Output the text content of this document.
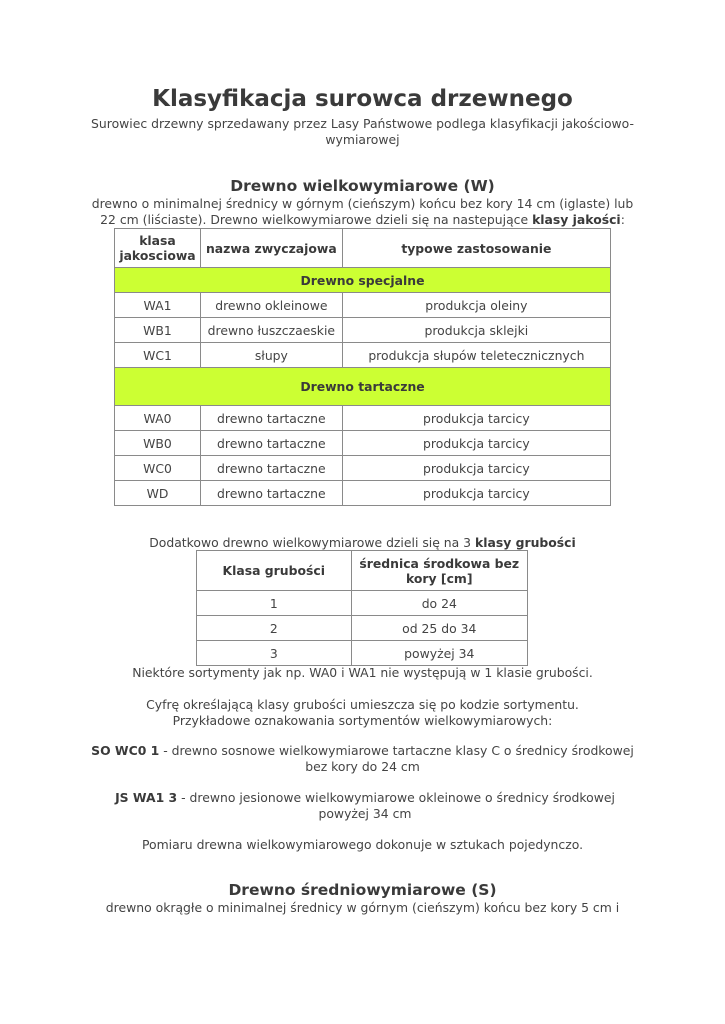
Klasyfikacja surowca drzewnego
Surowiec drzewny sprzedawany przez Lasy Państwowe podlega klasyfikacji jakościowo-wymiarowej
Drewno wielkowymiarowe (W)
drewno o minimalnej średnicy w górnym (cieńszym) końcu bez kory 14 cm (iglaste) lub 22 cm (liściaste). Drewno wielkowymiarowe dzieli się na nastepujące klasy jakości:
klasa jakosciowa	nazwa zwyczajowa	typowe zastosowanie
Drewno specjalne		
WA1	drewno okleinowe	produkcja oleiny
WB1	drewno łuszczaeskie	produkcja sklejki
WC1	słupy	produkcja słupów teletecznicznych
Drewno tartaczne		
WA0	drewno tartaczne	produkcja tarcicy
WB0	drewno tartaczne	produkcja tarcicy
WC0	drewno tartaczne	produkcja tarcicy
WD	drewno tartaczne	produkcja tarcicy
Dodatkowo drewno wielkowymiarowe dzieli się na 3 klasy grubości
Klasa grubości	średnica środkowa bez kory [cm]
1	do 24
2	od 25 do 34
3	powyżej 34
Niektóre sortymenty jak np. WA0 i WA1 nie występują w 1 klasie grubości.
Cyfrę określającą klasy grubości umieszcza się po kodzie sortymentu.
Przykładowe oznakowania sortymentów wielkowymiarowych:
SO WC0 1 - drewno sosnowe wielkowymiarowe tartaczne klasy C o średnicy środkowej bez kory do 24 cm
JS WA1 3 - drewno jesionowe wielkowymiarowe okleinowe o średnicy środkowej powyżej 34 cm
Pomiaru drewna wielkowymiarowego dokonuje w sztukach pojedynczo.
Drewno średniowymiarowe (S)
drewno okrągłe o minimalnej średnicy w górnym (cieńszym) końcu bez kory 5 cm i
